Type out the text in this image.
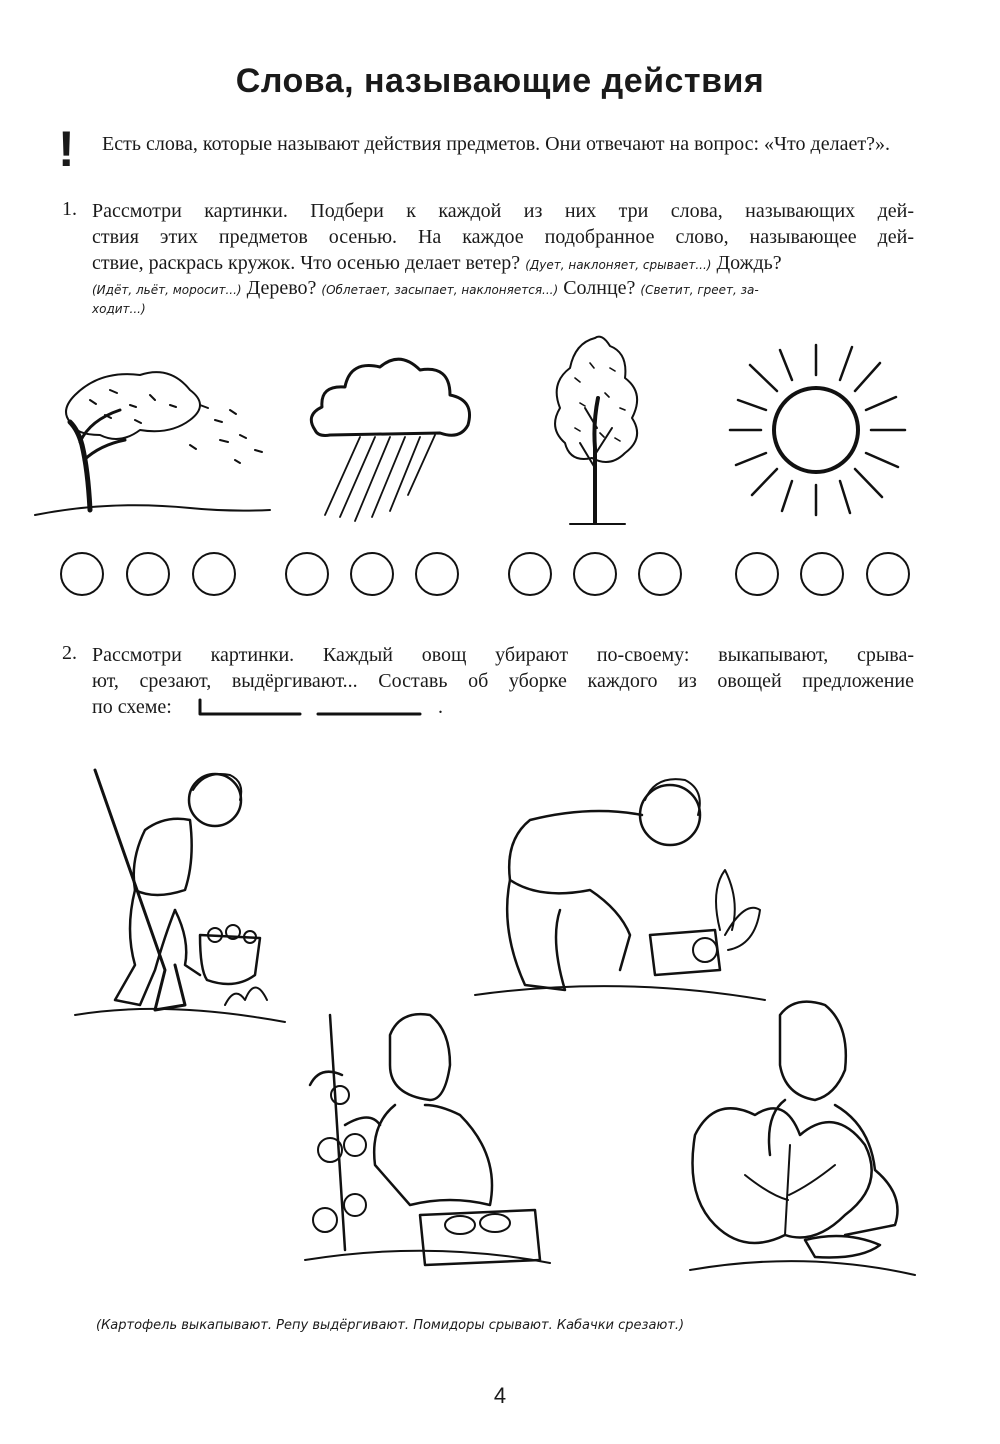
Слова, называющие действия
! Есть слова, которые называют действия предметов. Они отвечают на вопрос: «Что делает?».
1. Рассмотри картинки. Подбери к каждой из них три слова, называющих дей-
ствия этих предметов осенью. На каждое подобранное слово, называющее дей-
ствие, раскрась кружок. Что осенью делает ветер? (Дует, наклоняет, срывает...) Дождь?
(Идёт, льёт, моросит...) Дерево? (Облетает, засыпает, наклоняется...) Солнце? (Светит, греет, за-
ходит...)
2. Рассмотри картинки. Каждый овощ убирают по-своему: выкапывают, срыва-
ют, срезают, выдёргивают... Составь об уборке каждого из овощей предложение
по схеме:	.
(Картофель выкапывают. Репу выдёргивают. Помидоры срывают. Кабачки срезают.)
4
